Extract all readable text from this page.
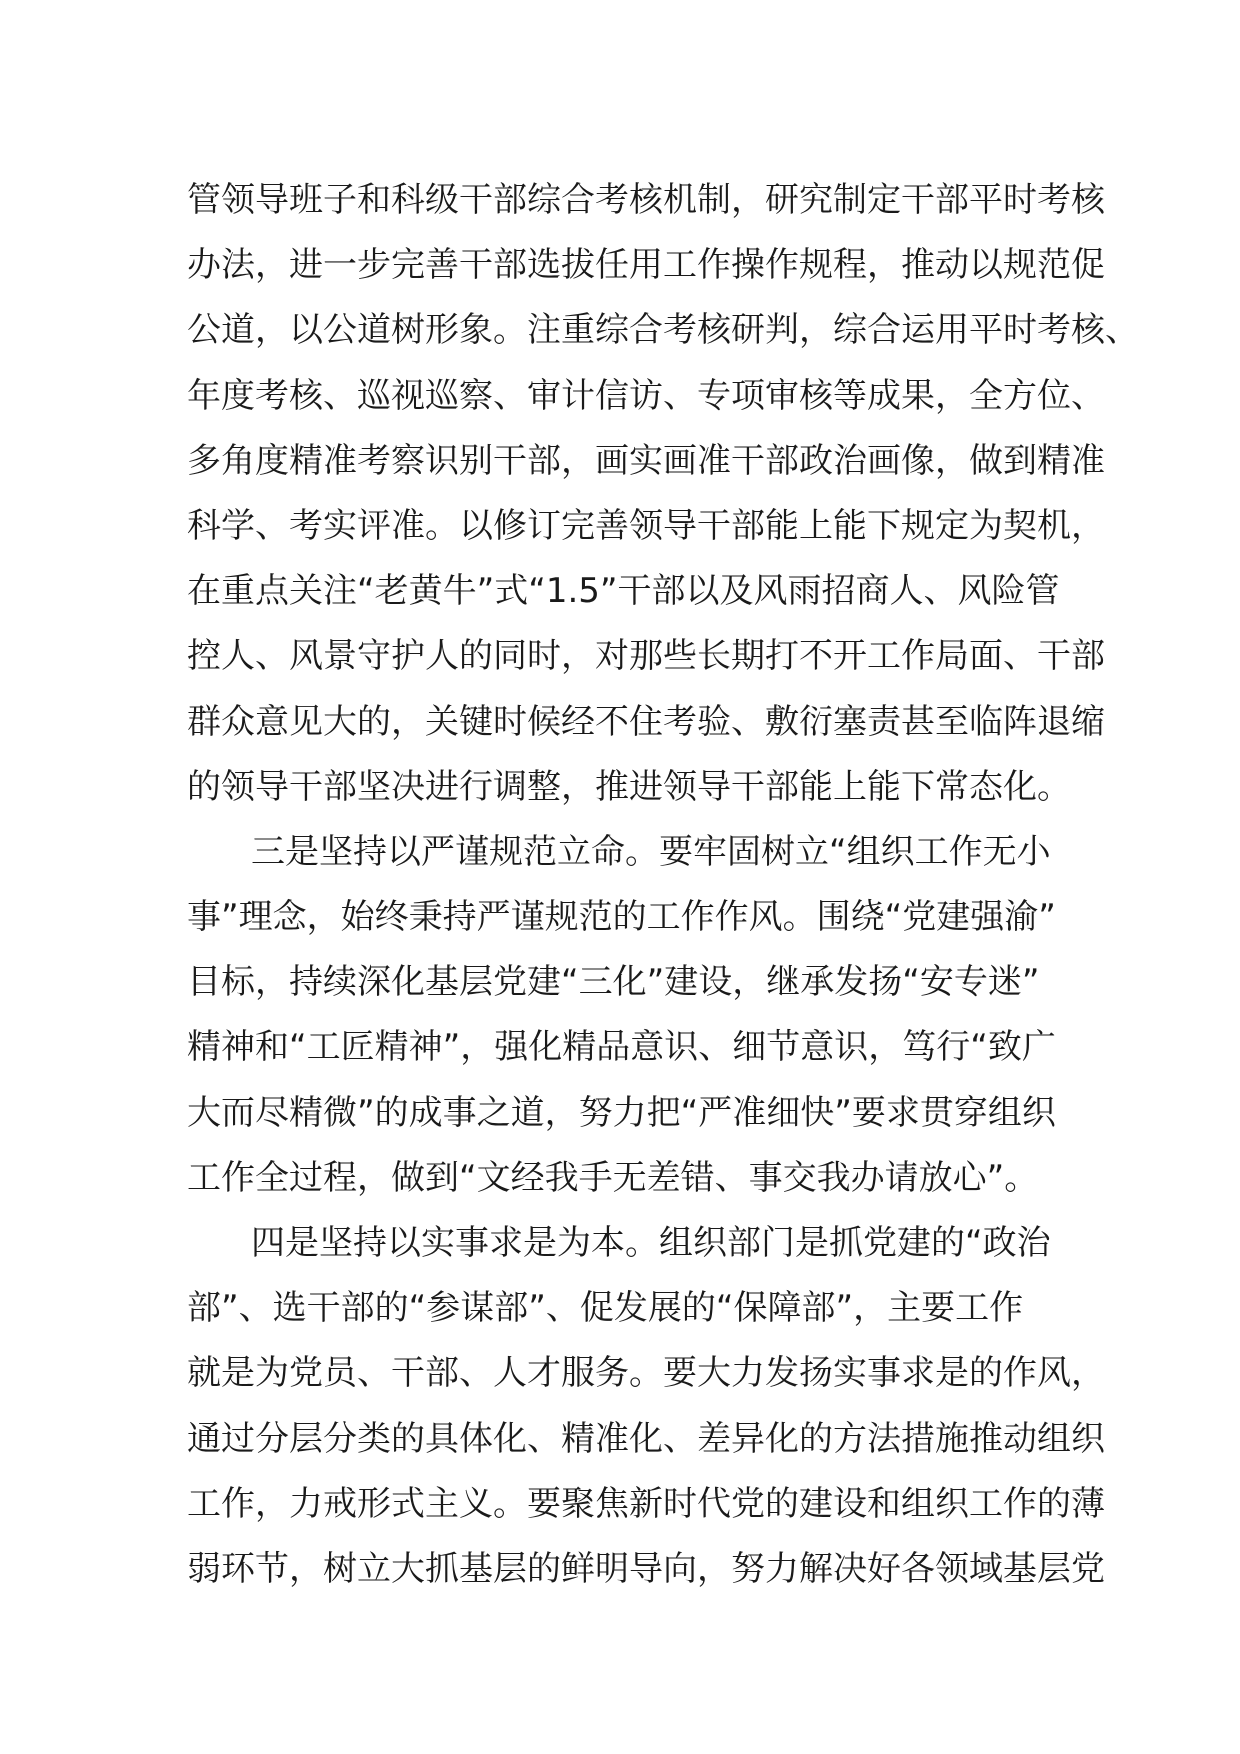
管领导班子和科级干部综合考核机制，研究制定干部平时考核
办法，进一步完善干部选拔任用工作操作规程，推动以规范促
公道，以公道树形象。注重综合考核研判，综合运用平时考核、
年度考核、巡视巡察、审计信访、专项审核等成果，全方位、
多角度精准考察识别干部，画实画准干部政治画像，做到精准
科学、考实评准。以修订完善领导干部能上能下规定为契机，
在重点关注“老黄牛”式“1.5”干部以及风雨招商人、风险管
控人、风景守护人的同时，对那些长期打不开工作局面、干部
群众意见大的，关键时候经不住考验、敷衍塞责甚至临阵退缩
的领导干部坚决进行调整，推进领导干部能上能下常态化。
三是坚持以严谨规范立命。要牢固树立“组织工作无小
事”理念，始终秉持严谨规范的工作作风。围绕“党建强渝”
目标，持续深化基层党建“三化”建设，继承发扬“安专迷”
精神和“工匠精神”，强化精品意识、细节意识，笃行“致广
大而尽精微”的成事之道，努力把“严准细快”要求贯穿组织
工作全过程，做到“文经我手无差错、事交我办请放心”。
四是坚持以实事求是为本。组织部门是抓党建的“政治
部”、选干部的“参谋部”、促发展的“保障部”，主要工作
就是为党员、干部、人才服务。要大力发扬实事求是的作风，
通过分层分类的具体化、精准化、差异化的方法措施推动组织
工作，力戒形式主义。要聚焦新时代党的建设和组织工作的薄
弱环节，树立大抓基层的鲜明导向，努力解决好各领域基层党
